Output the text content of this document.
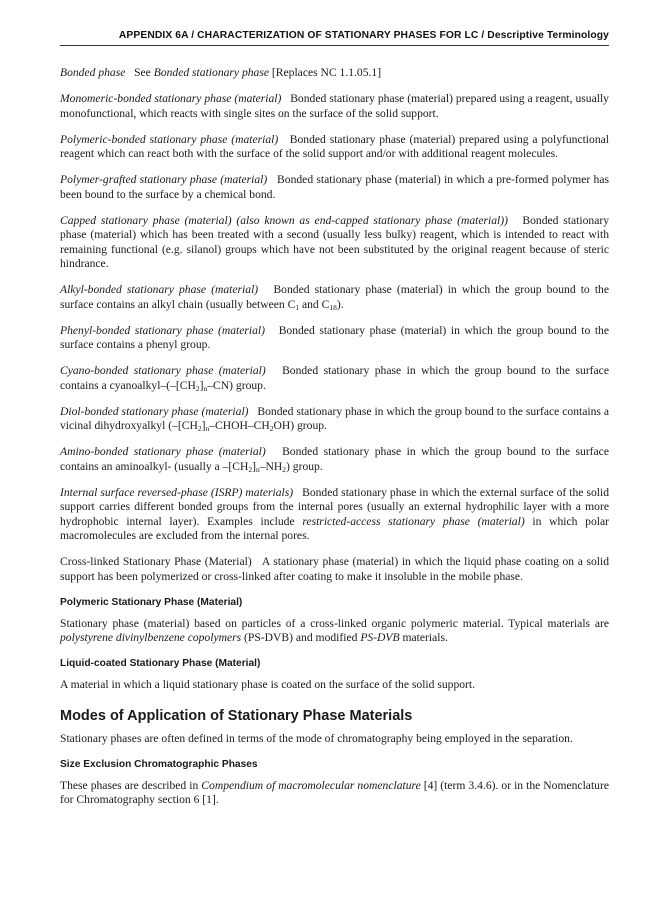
APPENDIX 6A / CHARACTERIZATION OF STATIONARY PHASES FOR LC / Descriptive Terminology

Bonded phase See Bonded stationary phase [Replaces NC 1.1.05.1]

Monomeric-bonded stationary phase (material) Bonded stationary phase (material) prepared using a reagent, usually monofunctional, which reacts with single sites on the surface of the solid support.

Polymeric-bonded stationary phase (material) Bonded stationary phase (material) prepared using a polyfunctional reagent which can react both with the surface of the solid support and/or with additional reagent molecules.

Polymer-grafted stationary phase (material) Bonded stationary phase (material) in which a pre-formed polymer has been bound to the surface by a chemical bond.

Capped stationary phase (material) (also known as end-capped stationary phase (material)) Bonded stationary phase (material) which has been treated with a second (usually less bulky) reagent, which is intended to react with remaining functional (e.g. silanol) groups which have not been substituted by the original reagent because of steric hindrance.

Alkyl-bonded stationary phase (material) Bonded stationary phase (material) in which the group bound to the surface contains an alkyl chain (usually between $C_1$ and $C_{18}$).

Phenyl-bonded stationary phase (material) Bonded stationary phase (material) in which the group bound to the surface contains a phenyl group.

Cyano-bonded stationary phase (material) Bonded stationary phase in which the group bound to the surface contains a cyanoalkyl–$(-[CH_2]_n-CN)$ group.

Diol-bonded stationary phase (material) Bonded stationary phase in which the group bound to the surface contains a vicinal dihydroxyalkyl $(-[CH_2]_n-CHOH-CH_2OH)$ group.

Amino-bonded stationary phase (material) Bonded stationary phase in which the group bound to the surface contains an aminoalkyl- (usually a $-[CH_2]_n-NH_2$) group.

Internal surface reversed-phase (ISRP) materials) Bonded stationary phase in which the external surface of the solid support carries different bonded groups from the internal pores (usually an external hydrophilic layer with a more hydrophobic internal layer). Examples include restricted-access stationary phase (material) in which polar macromolecules are excluded from the internal pores.

Cross-linked Stationary Phase (Material) A stationary phase (material) in which the liquid phase coating on a solid support has been polymerized or cross-linked after coating to make it insoluble in the mobile phase.

Polymeric Stationary Phase (Material)

Stationary phase (material) based on particles of a cross-linked organic polymeric material. Typical materials are polystyrene divinylbenzene copolymers (PS-DVB) and modified PS-DVB materials.

Liquid-coated Stationary Phase (Material)

A material in which a liquid stationary phase is coated on the surface of the solid support.

Modes of Application of Stationary Phase Materials

Stationary phases are often defined in terms of the mode of chromatography being employed in the separation.

Size Exclusion Chromatographic Phases

These phases are described in Compendium of macromolecular nomenclature [4] (term 3.4.6). or in the Nomenclature for Chromatography section 6 [1].
